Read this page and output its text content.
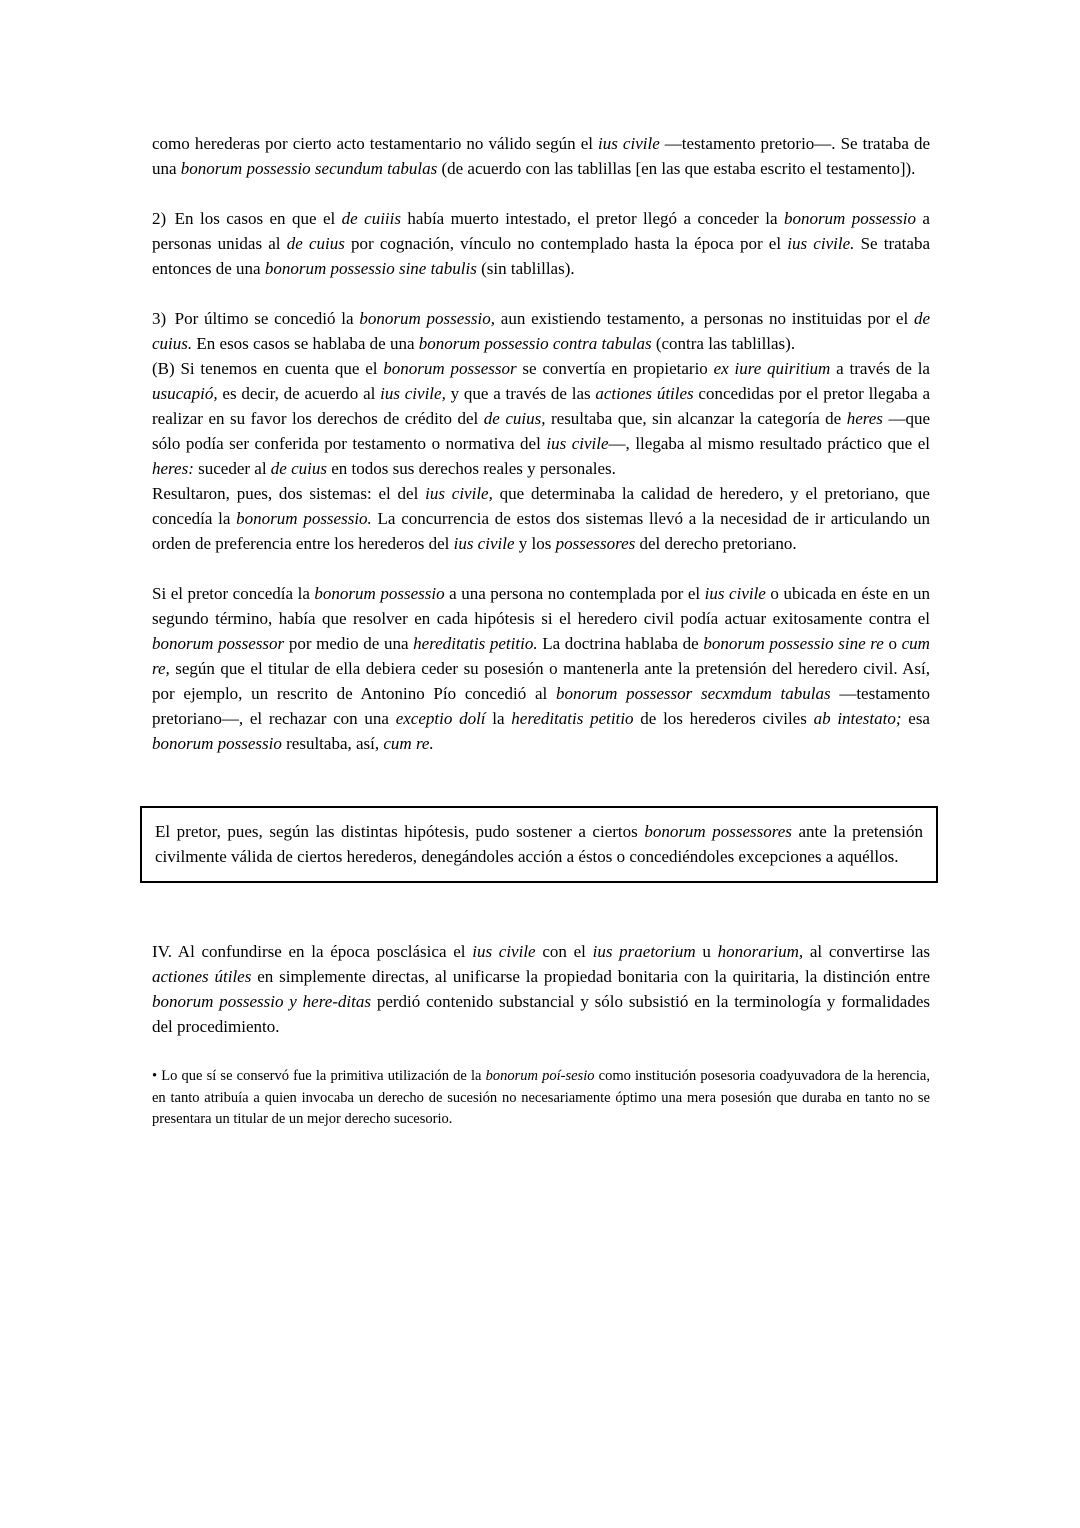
como herederas por cierto acto testamentario no válido según el ius civile —testamento pretorio—. Se trataba de una bonorum possessio secundum tabulas (de acuerdo con las tablillas [en las que estaba escrito el testamento]).

2) En los casos en que el de cuiiis había muerto intestado, el pretor llegó a conceder la bonorum possessio a personas unidas al de cuius por cognación, vínculo no contemplado hasta la época por el ius civile. Se trataba entonces de una bonorum possessio sine tabulis (sin tablillas).

3) Por último se concedió la bonorum possessio, aun existiendo testamento, a personas no instituidas por el de cuius. En esos casos se hablaba de una bonorum possessio contra tabulas (contra las tablillas).

(B) Si tenemos en cuenta que el bonorum possessor se convertía en propietario ex iure quiritium a través de la usucapió, es decir, de acuerdo al ius civile, y que a través de las actiones útiles concedidas por el pretor llegaba a realizar en su favor los derechos de crédito del de cuius, resultaba que, sin alcanzar la categoría de heres —que sólo podía ser conferida por testamento o normativa del ius civile—, llegaba al mismo resultado práctico que el heres: suceder al de cuius en todos sus derechos reales y personales.

Resultaron, pues, dos sistemas: el del ius civile, que determinaba la calidad de heredero, y el pretoriano, que concedía la bonorum possessio. La concurrencia de estos dos sistemas llevó a la necesidad de ir articulando un orden de preferencia entre los herederos del ius civile y los possessores del derecho pretoriano.

Si el pretor concedía la bonorum possessio a una persona no contemplada por el ius civile o ubicada en éste en un segundo término, había que resolver en cada hipótesis si el heredero civil podía actuar exitosamente contra el bonorum possessor por medio de una hereditatis petitio. La doctrina hablaba de bonorum possessio sine re o cum re, según que el titular de ella debiera ceder su posesión o mantenerla ante la pretensión del heredero civil. Así, por ejemplo, un rescrito de Antonino Pío concedió al bonorum possessor secxmdum tabulas —testamento pretoriano—, el rechazar con una exceptio dolí la hereditatis petitio de los herederos civiles ab intestato; esa bonorum possessio resultaba, así, cum re.

El pretor, pues, según las distintas hipótesis, pudo sostener a ciertos bonorum possessores ante la pretensión civilmente válida de ciertos herederos, denegándoles acción a éstos o concediéndoles excepciones a aquéllos.

IV. Al confundirse en la época posclásica el ius civile con el ius praetorium u honorarium, al convertirse las actiones útiles en simplemente directas, al unificarse la propiedad bonitaria con la quiritaria, la distinción entre bonorum possessio y here-ditas perdió contenido substancial y sólo subsistió en la terminología y formalidades del procedimiento.

• Lo que sí se conservó fue la primitiva utilización de la bonorum poí-sesio como institución posesoria coadyuvadora de la herencia, en tanto atribuía a quien invocaba un derecho de sucesión no necesariamente óptimo una mera posesión que duraba en tanto no se presentara un titular de un mejor derecho sucesorio.
